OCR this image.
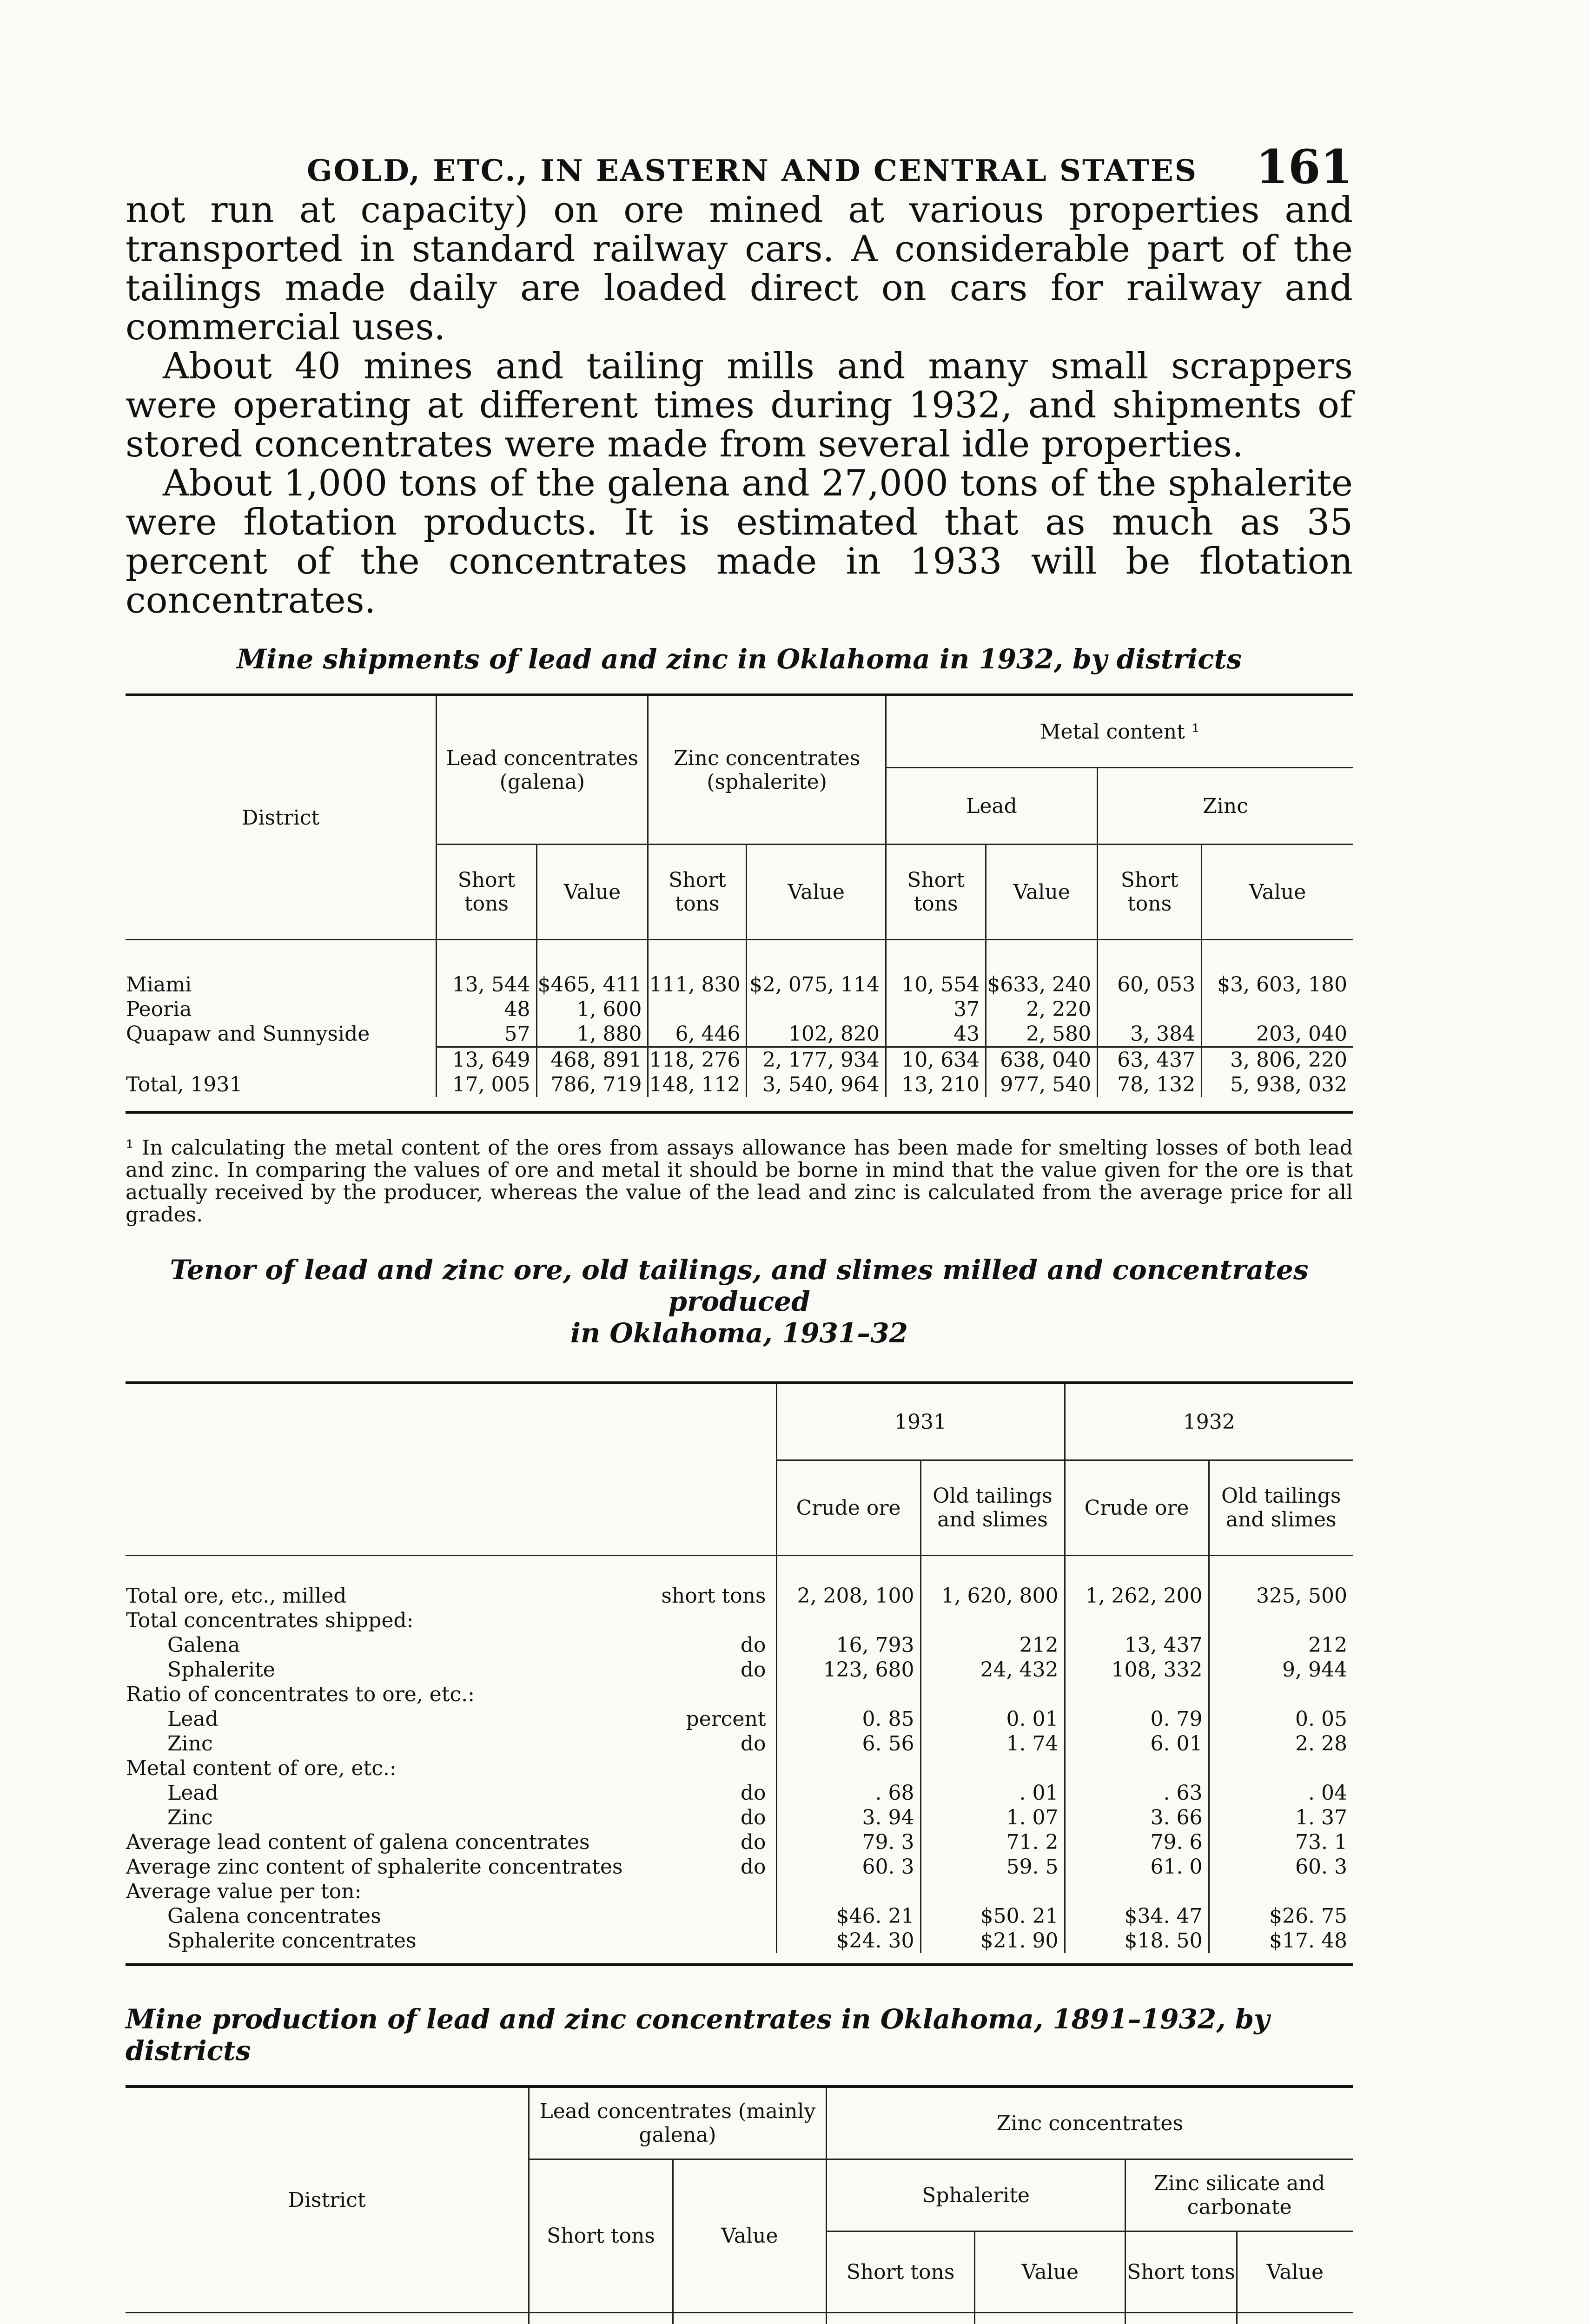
GOLD, ETC., IN EASTERN AND CENTRAL STATES 161

not run at capacity) on ore mined at various properties and transported in standard railway cars. A considerable part of the tailings made daily are loaded direct on cars for railway and commercial uses.

About 40 mines and tailing mills and many small scrappers were operating at different times during 1932, and shipments of stored concentrates were made from several idle properties.

About 1,000 tons of the galena and 27,000 tons of the sphalerite were flotation products. It is estimated that as much as 35 percent of the concentrates made in 1933 will be flotation concentrates.

Mine shipments of lead and zinc in Oklahoma in 1932, by districts

District	Lead concentrates (galena)		Zinc concentrates (sphalerite)		Metal content ¹			
					Lead		Zinc	
	Short tons	Value	Short tons	Value	Short tons	Value	Short tons	Value
Miami	13, 544	$465, 411	111, 830	$2, 075, 114	10, 554	$633, 240	60, 053	$3, 603, 180
Peoria	48	1, 600			37	2, 220		
Quapaw and Sunnyside	57	1, 880	6, 446	102, 820	43	2, 580	3, 384	203, 040
	13, 649	468, 891	118, 276	2, 177, 934	10, 634	638, 040	63, 437	3, 806, 220
Total, 1931	17, 005	786, 719	148, 112	3, 540, 964	13, 210	977, 540	78, 132	5, 938, 032

¹ In calculating the metal content of the ores from assays allowance has been made for smelting losses of both lead and zinc. In comparing the values of ore and metal it should be borne in mind that the value given for the ore is that actually received by the producer, whereas the value of the lead and zinc is calculated from the average price for all grades.

Tenor of lead and zinc ore, old tailings, and slimes milled and concentrates produced

in Oklahoma, 1931–32

	1931		1932	
	Crude ore	Old tailings and slimes	Crude ore	Old tailings and slimes
Total ore, etc., milled short tons	2, 208, 100	1, 620, 800	1, 262, 200	325, 500
Total concentrates shipped:				
Galena do	16, 793	212	13, 437	212
Sphalerite do	123, 680	24, 432	108, 332	9, 944
Ratio of concentrates to ore, etc.:				
Lead percent	0. 85	0. 01	0. 79	0. 05
Zinc do	6. 56	1. 74	6. 01	2. 28
Metal content of ore, etc.:				
Lead do	. 68	. 01	. 63	. 04
Zinc do	3. 94	1. 07	3. 66	1. 37
Average lead content of galena concentrates do	79. 3	71. 2	79. 6	73. 1
Average zinc content of sphalerite concentrates do	60. 3	59. 5	61. 0	60. 3
Average value per ton:				
Galena concentrates	$46. 21	$50. 21	$34. 47	$26. 75
Sphalerite concentrates	$24. 30	$21. 90	$18. 50	$17. 48

Mine production of lead and zinc concentrates in Oklahoma, 1891–1932, by districts

District	Lead concentrates (mainly galena)		Zinc concentrates			
	Short tons	Value	Sphalerite		Zinc silicate and carbonate	
			Short tons	Value	Short tons	Value
